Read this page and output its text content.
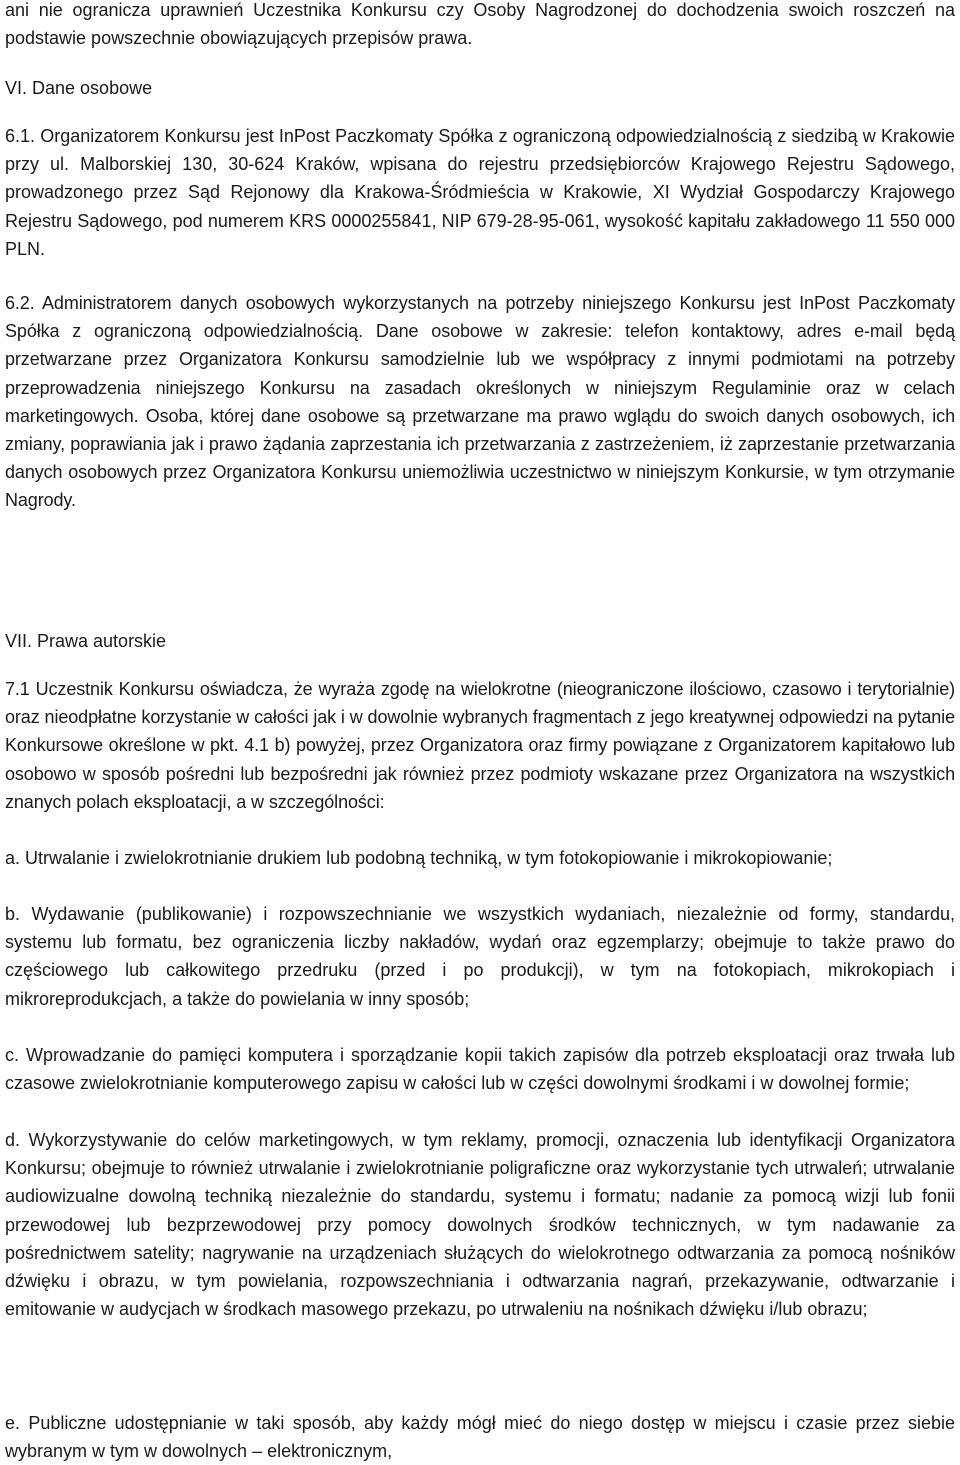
ani nie ogranicza uprawnień Uczestnika Konkursu czy Osoby Nagrodzonej do dochodzenia swoich roszczeń na podstawie powszechnie obowiązujących przepisów prawa.

VI. Dane osobowe

6.1. Organizatorem Konkursu jest InPost Paczkomaty Spółka z ograniczoną odpowiedzialnością z siedzibą w Krakowie przy ul. Malborskiej 130, 30-624 Kraków, wpisana do rejestru przedsiębiorców Krajowego Rejestru Sądowego, prowadzonego przez Sąd Rejonowy dla Krakowa-Śródmieścia w Krakowie, XI Wydział Gospodarczy Krajowego Rejestru Sądowego, pod numerem KRS 0000255841, NIP 679-28-95-061, wysokość kapitału zakładowego 11 550 000 PLN.

6.2. Administratorem danych osobowych wykorzystanych na potrzeby niniejszego Konkursu jest InPost Paczkomaty Spółka z ograniczoną odpowiedzialnością. Dane osobowe w zakresie: telefon kontaktowy, adres e-mail będą przetwarzane przez Organizatora Konkursu samodzielnie lub we współpracy z innymi podmiotami na potrzeby przeprowadzenia niniejszego Konkursu na zasadach określonych w niniejszym Regulaminie oraz w celach marketingowych. Osoba, której dane osobowe są przetwarzane ma prawo wglądu do swoich danych osobowych, ich zmiany, poprawiania jak i prawo żądania zaprzestania ich przetwarzania z zastrzeżeniem, iż zaprzestanie przetwarzania danych osobowych przez Organizatora Konkursu uniemożliwia uczestnictwo w niniejszym Konkursie, w tym otrzymanie Nagrody.

VII. Prawa autorskie

7.1 Uczestnik Konkursu oświadcza, że wyraża zgodę na wielokrotne (nieograniczone ilościowo, czasowo i terytorialnie) oraz nieodpłatne korzystanie w całości jak i w dowolnie wybranych fragmentach z jego kreatywnej odpowiedzi na pytanie Konkursowe określone w pkt. 4.1 b) powyżej, przez Organizatora oraz firmy powiązane z Organizatorem kapitałowo lub osobowo w sposób pośredni lub bezpośredni jak również przez podmioty wskazane przez Organizatora na wszystkich znanych polach eksploatacji, a w szczególności:

a. Utrwalanie i zwielokrotnianie drukiem lub podobną techniką, w tym fotokopiowanie i mikrokopiowanie;

b. Wydawanie (publikowanie) i rozpowszechnianie we wszystkich wydaniach, niezależnie od formy, standardu, systemu lub formatu, bez ograniczenia liczby nakładów, wydań oraz egzemplarzy; obejmuje to także prawo do częściowego lub całkowitego przedruku (przed i po produkcji), w tym na fotokopiach, mikrokopiach i mikroreprodukcjach, a także do powielania w inny sposób;

c. Wprowadzanie do pamięci komputera i sporządzanie kopii takich zapisów dla potrzeb eksploatacji oraz trwała lub czasowe zwielokrotnianie komputerowego zapisu w całości lub w części dowolnymi środkami i w dowolnej formie;

d. Wykorzystywanie do celów marketingowych, w tym reklamy, promocji, oznaczenia lub identyfikacji Organizatora Konkursu; obejmuje to również utrwalanie i zwielokrotnianie poligraficzne oraz wykorzystanie tych utrwaleń; utrwalanie audiowizualne dowolną techniką niezależnie do standardu, systemu i formatu; nadanie za pomocą wizji lub fonii przewodowej lub bezprzewodowej przy pomocy dowolnych środków technicznych, w tym nadawanie za pośrednictwem satelity; nagrywanie na urządzeniach służących do wielokrotnego odtwarzania za pomocą nośników dźwięku i obrazu, w tym powielania, rozpowszechniania i odtwarzania nagrań, przekazywanie, odtwarzanie i emitowanie w audycjach w środkach masowego przekazu, po utrwaleniu na nośnikach dźwięku i/lub obrazu;

e. Publiczne udostępnianie w taki sposób, aby każdy mógł mieć do niego dostęp w miejscu i czasie przez siebie wybranym w tym w dowolnych – elektronicznym,
